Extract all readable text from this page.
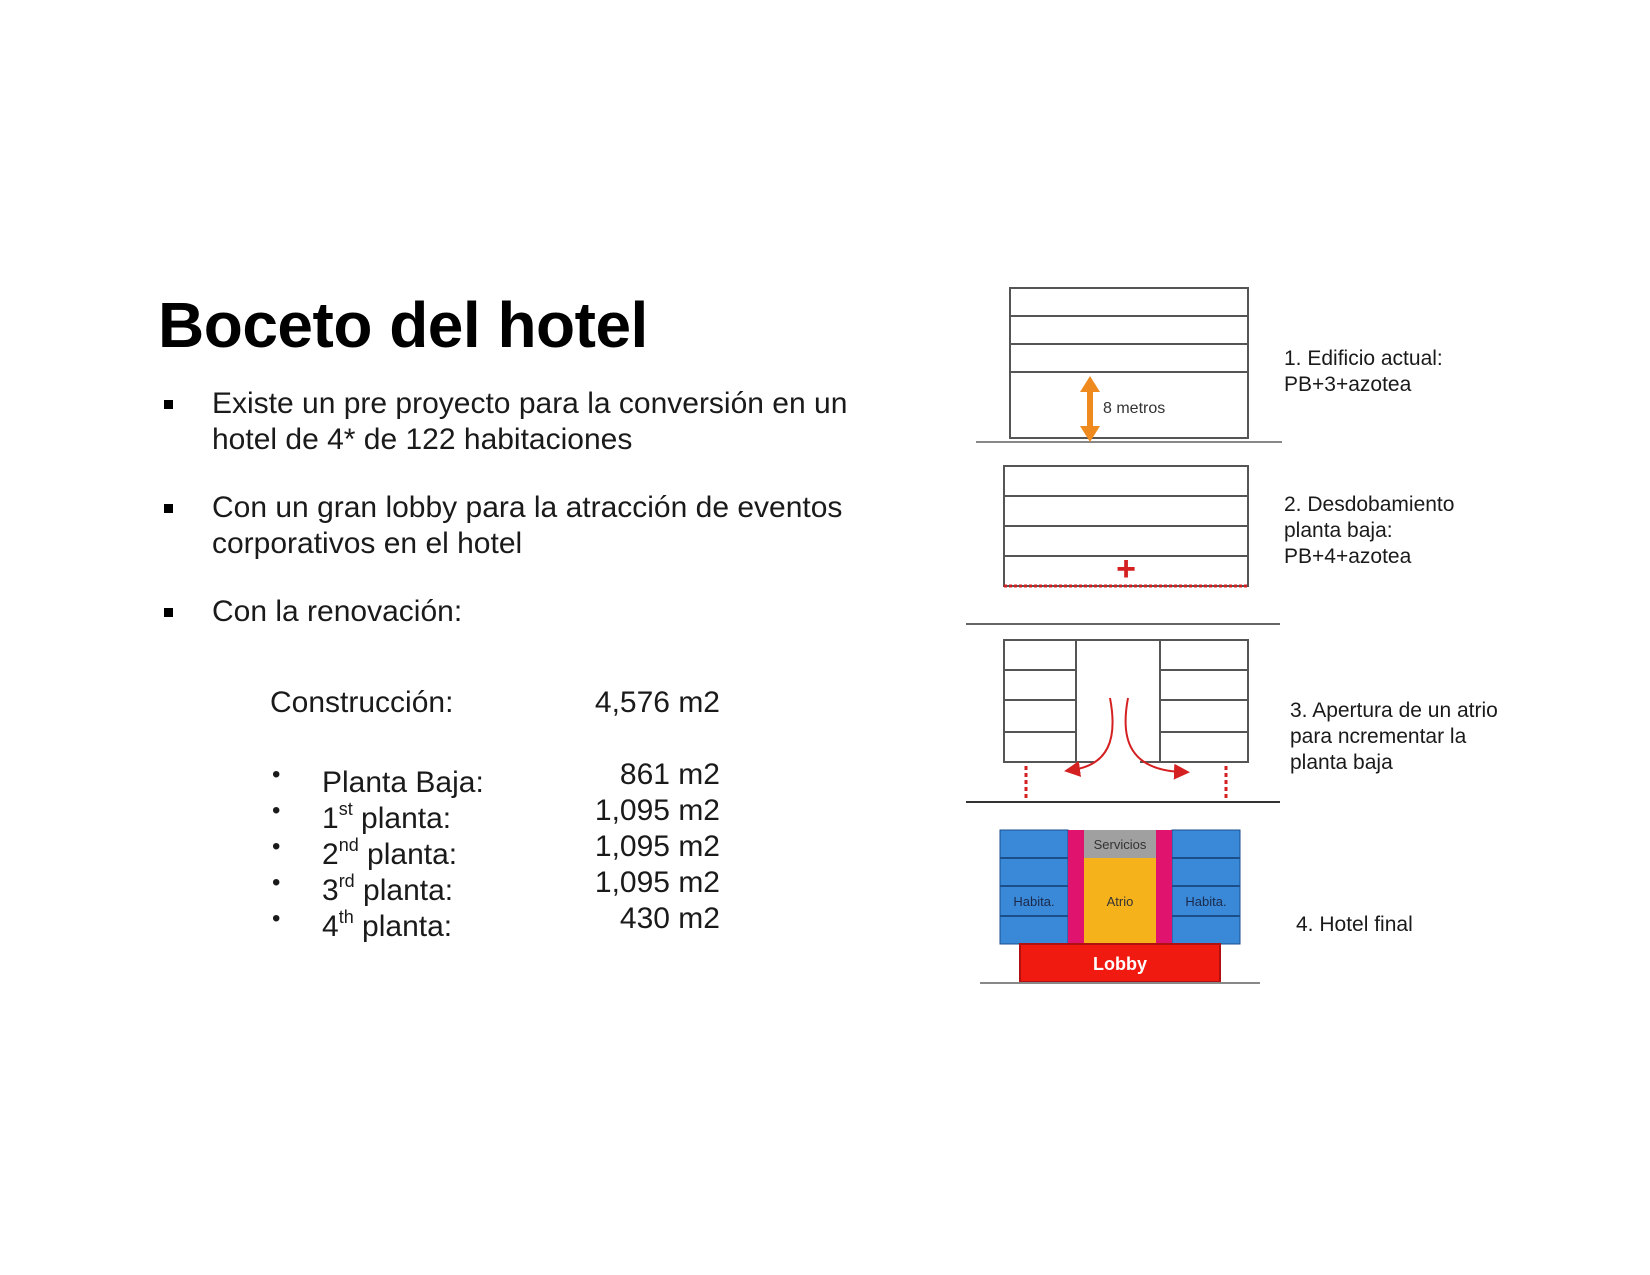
Boceto del hotel
Existe un pre proyecto para la conversión en un hotel de 4* de 122 habitaciones
Con un gran lobby para la atracción de eventos corporativos en el hotel
Con la renovación:
Construcción:	4,576 m2
• Planta Baja:	861 m2
• 1st planta:	1,095 m2
• 2nd planta:	1,095 m2
• 3rd planta:	1,095 m2
• 4th planta:	430 m2
8 metros
+
Servicios
Habita.	Atrio	Habita.
Lobby
1. Edificio actual:
PB+3+azotea
2. Desdobamiento
planta baja:
PB+4+azotea
3. Apertura de un atrio
para ncrementar la
planta baja
4. Hotel final
